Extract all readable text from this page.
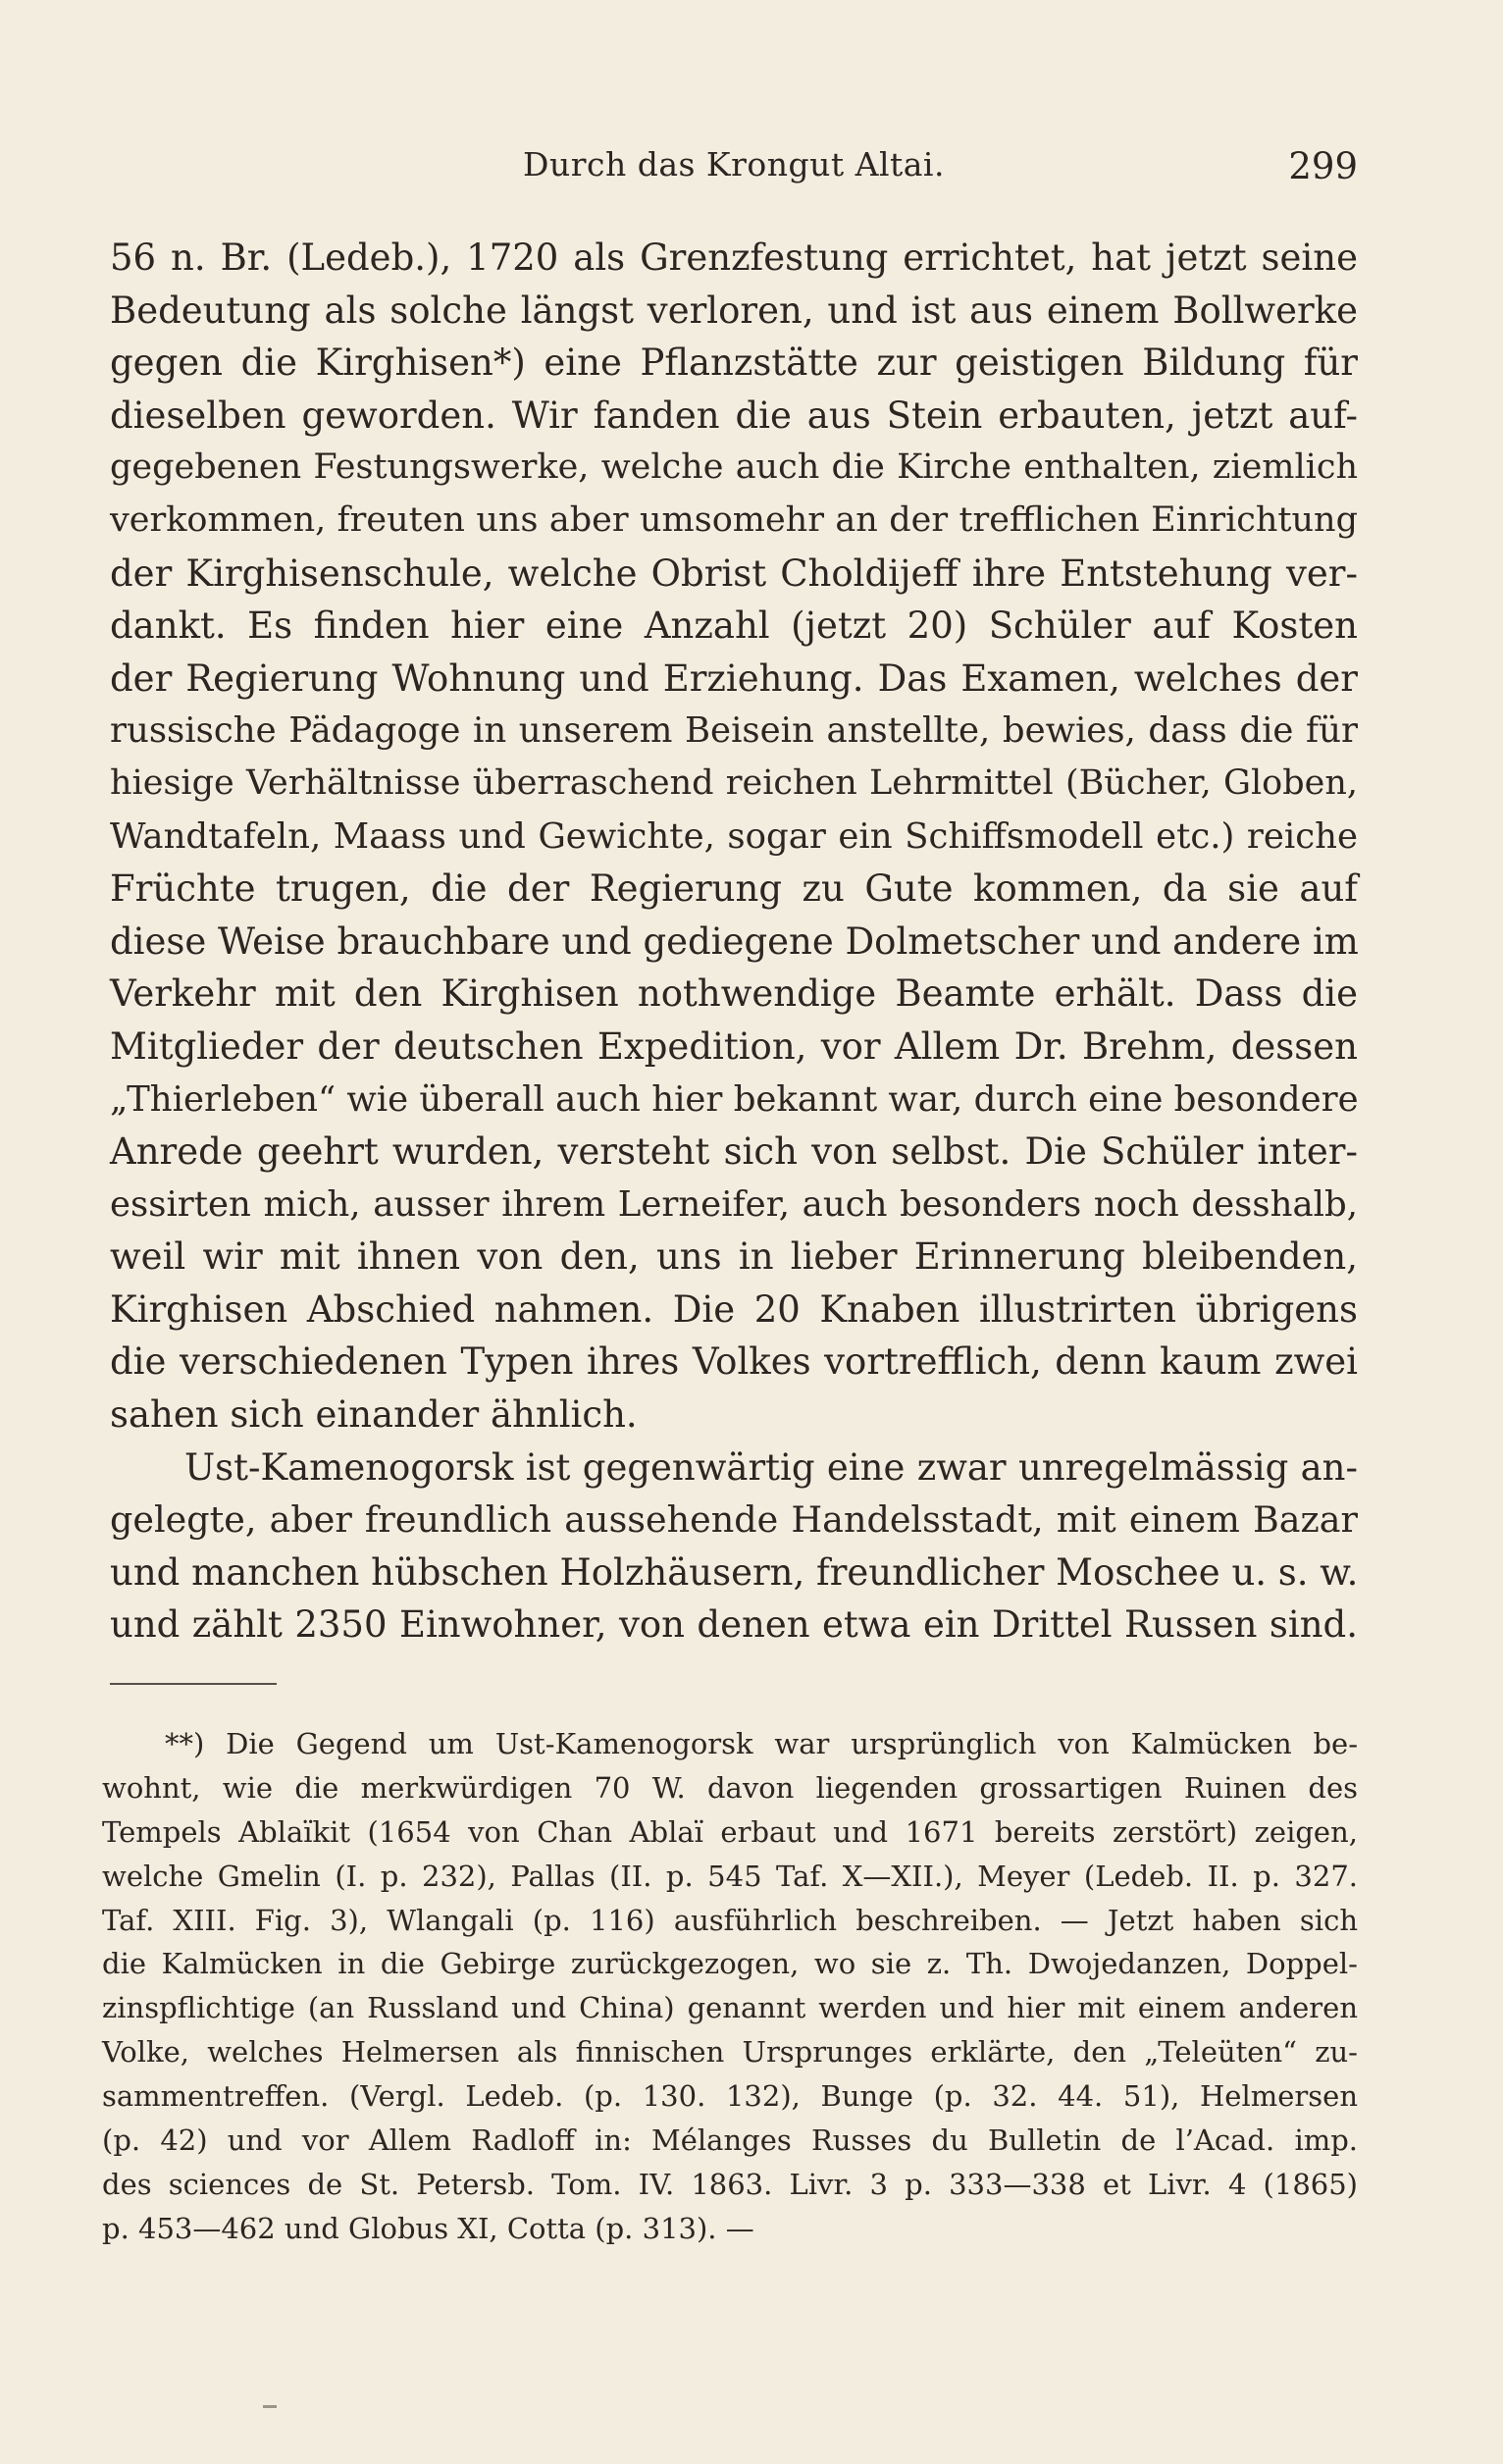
Durch das Krongut Altai.	299
56 n. Br. (Ledeb.), 1720 als Grenzfestung errichtet, hat jetzt seine
Bedeutung als solche längst verloren, und ist aus einem Bollwerke
gegen die Kirghisen*) eine Pflanzstätte zur geistigen Bildung für
dieselben geworden. Wir fanden die aus Stein erbauten, jetzt auf-
gegebenen Festungswerke, welche auch die Kirche enthalten, ziemlich
verkommen, freuten uns aber umsomehr an der trefflichen Einrichtung
der Kirghisenschule, welche Obrist Choldijeff ihre Entstehung ver-
dankt. Es finden hier eine Anzahl (jetzt 20) Schüler auf Kosten
der Regierung Wohnung und Erziehung. Das Examen, welches der
russische Pädagoge in unserem Beisein anstellte, bewies, dass die für
hiesige Verhältnisse überraschend reichen Lehrmittel (Bücher, Globen,
Wandtafeln, Maass und Gewichte, sogar ein Schiffsmodell etc.) reiche
Früchte trugen, die der Regierung zu Gute kommen, da sie auf
diese Weise brauchbare und gediegene Dolmetscher und andere im
Verkehr mit den Kirghisen nothwendige Beamte erhält. Dass die
Mitglieder der deutschen Expedition, vor Allem Dr. Brehm, dessen
„Thierleben“ wie überall auch hier bekannt war, durch eine besondere
Anrede geehrt wurden, versteht sich von selbst. Die Schüler inter-
essirten mich, ausser ihrem Lerneifer, auch besonders noch desshalb,
weil wir mit ihnen von den, uns in lieber Erinnerung bleibenden,
Kirghisen Abschied nahmen. Die 20 Knaben illustrirten übrigens
die verschiedenen Typen ihres Volkes vortrefflich, denn kaum zwei
sahen sich einander ähnlich.
Ust-Kamenogorsk ist gegenwärtig eine zwar unregelmässig an-
gelegte, aber freundlich aussehende Handelsstadt, mit einem Bazar
und manchen hübschen Holzhäusern, freundlicher Moschee u. s. w.
und zählt 2350 Einwohner, von denen etwa ein Drittel Russen sind.
**) Die Gegend um Ust-Kamenogorsk war ursprünglich von Kalmücken be-
wohnt, wie die merkwürdigen 70 W. davon liegenden grossartigen Ruinen des
Tempels Ablaïkit (1654 von Chan Ablaï erbaut und 1671 bereits zerstört) zeigen,
welche Gmelin (I. p. 232), Pallas (II. p. 545 Taf. X—XII.), Meyer (Ledeb. II. p. 327.
Taf. XIII. Fig. 3), Wlangali (p. 116) ausführlich beschreiben. — Jetzt haben sich
die Kalmücken in die Gebirge zurückgezogen, wo sie z. Th. Dwojedanzen, Doppel-
zinspflichtige (an Russland und China) genannt werden und hier mit einem anderen
Volke, welches Helmersen als finnischen Ursprunges erklärte, den „Teleüten“ zu-
sammentreffen. (Vergl. Ledeb. (p. 130. 132), Bunge (p. 32. 44. 51), Helmersen
(p. 42) und vor Allem Radloff in: Mélanges Russes du Bulletin de l’Acad. imp.
des sciences de St. Petersb. Tom. IV. 1863. Livr. 3 p. 333—338 et Livr. 4 (1865)
p. 453—462 und Globus XI, Cotta (p. 313). —
